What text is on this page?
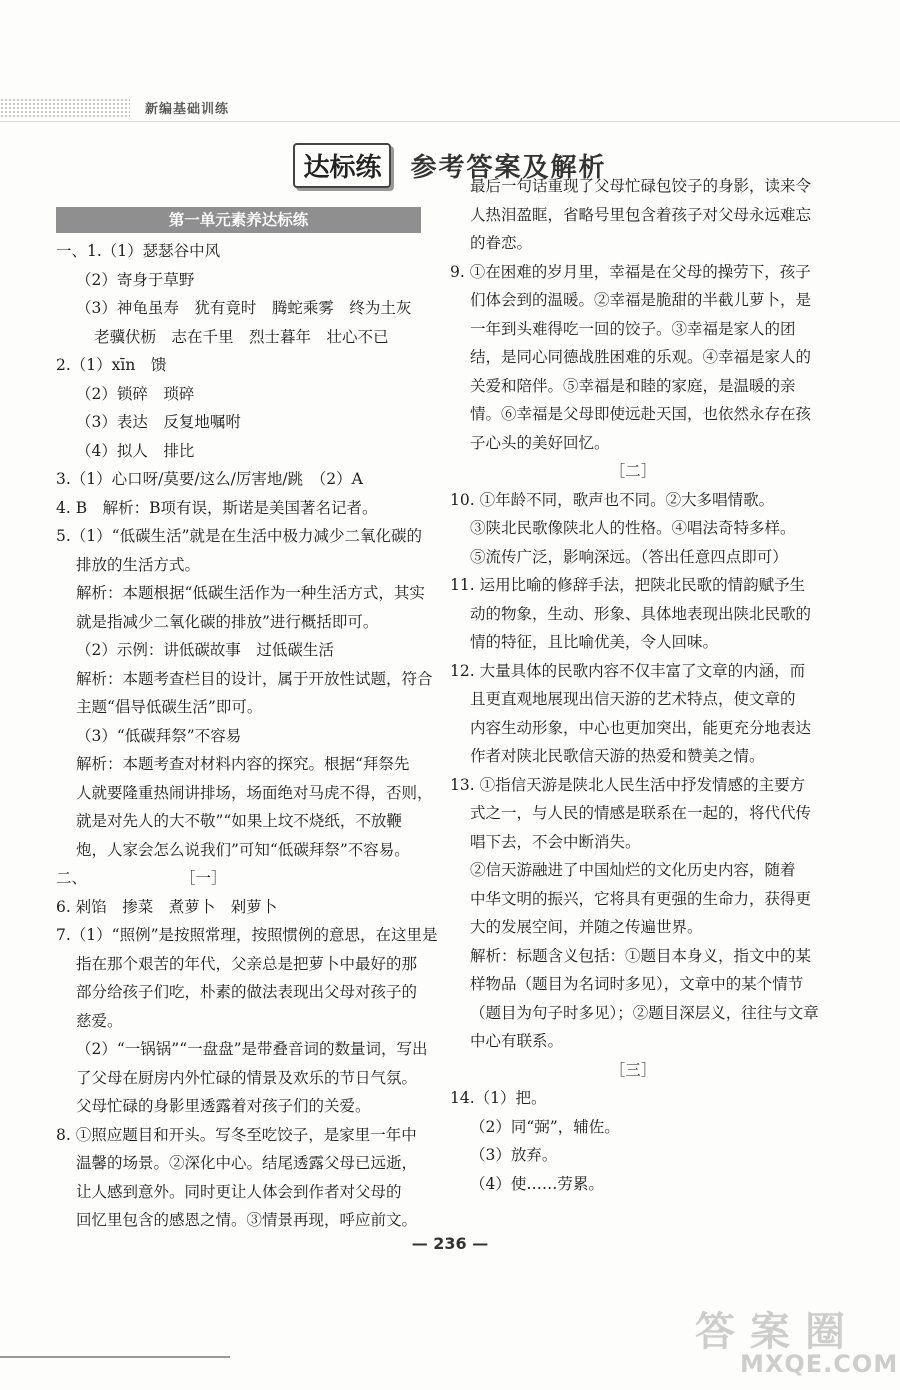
新编基础训练
达标练 参考答案及解析
第一单元素养达标练
一、1.（1）瑟瑟谷中风
（2）寄身于草野
（3）神龟虽寿　犹有竟时　腾蛇乘雾　终为土灰
老骥伏枥　志在千里　烈士暮年　壮心不已
2.（1）xīn　馈
（2）锁碎　琐碎
（3）表达　反复地嘱咐
（4）拟人　排比
3.（1）心口呀/莫要/这么/厉害地/跳　（2）A
4. B　解析：B项有误，斯诺是美国著名记者。
5.（1）“低碳生活”就是在生活中极力减少二氧化碳的
排放的生活方式。
解析：本题根据“低碳生活作为一种生活方式，其实
就是指减少二氧化碳的排放”进行概括即可。
（2）示例：讲低碳故事　过低碳生活
解析：本题考查栏目的设计，属于开放性试题，符合
主题“倡导低碳生活”即可。
（3）“低碳拜祭”不容易
解析：本题考查对材料内容的探究。根据“拜祭先
人就要隆重热闹讲排场，场面绝对马虎不得，否则，
就是对先人的大不敬”“如果上坟不烧纸，不放鞭
炮，人家会怎么说我们”可知“低碳拜祭”不容易。
二、　　　　　　　［一］
6. 剁馅　掺菜　煮萝卜　剁萝卜
7.（1）“照例”是按照常理，按照惯例的意思，在这里是
指在那个艰苦的年代，父亲总是把萝卜中最好的那
部分给孩子们吃，朴素的做法表现出父母对孩子的
慈爱。
（2）“一锅锅”“一盘盘”是带叠音词的数量词，写出
了父母在厨房内外忙碌的情景及欢乐的节日气氛。
父母忙碌的身影里透露着对孩子们的关爱。
8. ①照应题目和开头。写冬至吃饺子，是家里一年中
温馨的场景。②深化中心。结尾透露父母已远逝，
让人感到意外。同时更让人体会到作者对父母的
回忆里包含的感恩之情。③情景再现，呼应前文。
最后一句话重现了父母忙碌包饺子的身影，读来令
人热泪盈眶，省略号里包含着孩子对父母永远难忘
的眷恋。
9. ①在困难的岁月里，幸福是在父母的操劳下，孩子
们体会到的温暖。②幸福是脆甜的半截儿萝卜，是
一年到头难得吃一回的饺子。③幸福是家人的团
结，是同心同德战胜困难的乐观。④幸福是家人的
关爱和陪伴。⑤幸福是和睦的家庭，是温暖的亲
情。⑥幸福是父母即使远赴天国，也依然永存在孩
子心头的美好回忆。
［二］
10. ①年龄不同，歌声也不同。②大多唱情歌。
③陕北民歌像陕北人的性格。④唱法奇特多样。
⑤流传广泛，影响深远。（答出任意四点即可）
11. 运用比喻的修辞手法，把陕北民歌的情韵赋予生
动的物象，生动、形象、具体地表现出陕北民歌的
情的特征，且比喻优美，令人回味。
12. 大量具体的民歌内容不仅丰富了文章的内涵，而
且更直观地展现出信天游的艺术特点，使文章的
内容生动形象，中心也更加突出，能更充分地表达
作者对陕北民歌信天游的热爱和赞美之情。
13. ①指信天游是陕北人民生活中抒发情感的主要方
式之一，与人民的情感是联系在一起的，将代代传
唱下去，不会中断消失。
②信天游融进了中国灿烂的文化历史内容，随着
中华文明的振兴，它将具有更强的生命力，获得更
大的发展空间，并随之传遍世界。
解析：标题含义包括：①题目本身义，指文中的某
样物品（题目为名词时多见），文章中的某个情节
（题目为句子时多见）；②题目深层义，往往与文章
中心有联系。
［三］
14.（1）把。
（2）同“弼”，辅佐。
（3）放弃。
（4）使……劳累。
— 236 —
答 案 圈
MXQE.COM
